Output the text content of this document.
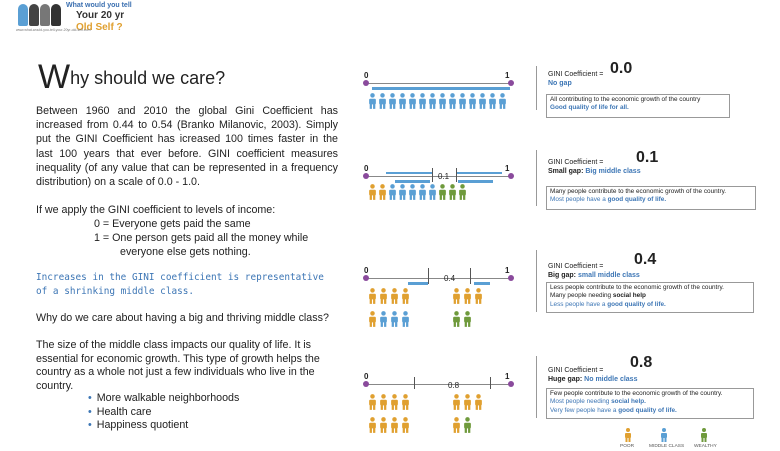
What would you tell
Your 20 yr
Old Self ?
www.what-would-you-tell-your-20yr-old-self.com
Why should we care?
Between 1960 and 2010 the global Gini Coefficient has increased from 0.44 to 0.54 (Branko Milanovic, 2003). Simply put the GINI Coefficient has icreased 100 times faster in the last 100 years that ever before. GINI coefficient measures inequality (of any value that can be represented in a frequency distribution) on a scale of 0.0 - 1.0.
If we apply the GINI coefficient to levels of income:
0 = Everyone gets paid the same
1 = One person gets paid all the money while
everyone else gets nothing.
Increases in the GINI coefficient is representative of a shrinking middle class.
Why do we care about having a big and thriving middle class?
The size of the middle class impacts our quality of life. It is essential for economic growth. This type of growth helps the country as a whole not just a few individuals who live in the country.
• More walkable neighborhoods
• Health care
• Happiness quotient
0	1	GINI Coefficient =
No gap
0.0
All contributing to the economic growth of the country
Good quality of life for all.
0	1
0.1
GINI Coefficient =
Small gap: Big middle class
0.1
Many people contribute to the economic growth of the country.
Most people have a good quality of life.
0	1
0.4
GINI Coefficient =
Big gap: small middle class
0.4
Less people contribute to the economic growth of the country.
Many people needing social help
Less people have a good quality of life.
0	1
0.8
GINI Coefficient =
Huge gap: No middle class
0.8
Few people contribute to the economic growth of the country.
Most people needing social help.
Very few people have a good quality of life.
POOR	MIDDLE CLASS WEALTHY
